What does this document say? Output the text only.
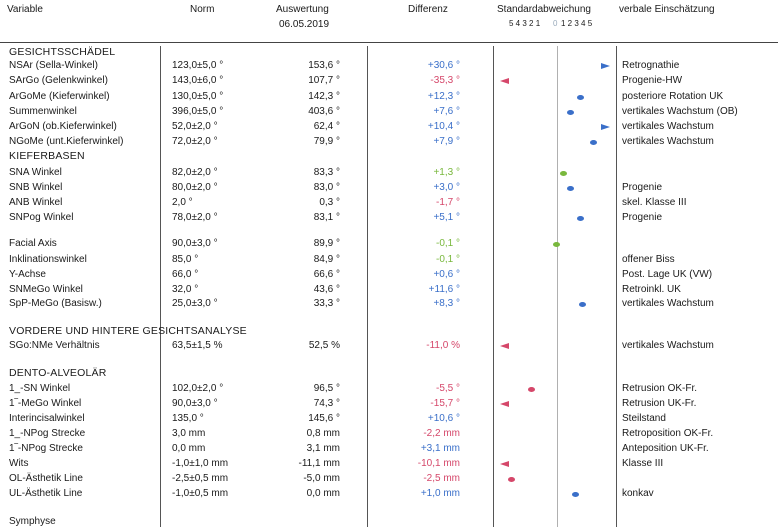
Variable	Norm	Auswertung
06.05.2019
Differenz	Standardabweichung
5 4 3 2 1 0 1 2 3 4 5
verbale Einschätzung
GESICHTSSCHÄDEL
NSAr (Sella-Winkel)	123,0±5,0 °	153,6 °	+30,6 °	Retrognathie
SArGo (Gelenkwinkel)	143,0±6,0 °	107,7 °	-35,3 °	Progenie-HW
ArGoMe (Kieferwinkel)	130,0±5,0 °	142,3 °	+12,3 °	posteriore Rotation UK
Summenwinkel	396,0±5,0 °	403,6 °	+7,6 °	vertikales Wachstum (OB)
ArGoN (ob.Kieferwinkel)	52,0±2,0 °	62,4 °	+10,4 °	vertikales Wachstum
NGoMe (unt.Kieferwinkel)	72,0±2,0 °	79,9 °	+7,9 °	vertikales Wachstum
KIEFERBASEN
SNA Winkel	82,0±2,0 °	83,3 °	+1,3 °
SNB Winkel	80,0±2,0 °	83,0 °	+3,0 °	Progenie
ANB Winkel	2,0 °	0,3 °	-1,7 °	skel. Klasse III
SNPog Winkel	78,0±2,0 °	83,1 °	+5,1 °	Progenie
Facial Axis	90,0±3,0 °	89,9 °	-0,1 °
Inklinationswinkel	85,0 °	84,9 °	-0,1 °	offener Biss
Y-Achse	66,0 °	66,6 °	+0,6 °	Post. Lage UK (VW)
SNMeGo Winkel	32,0 °	43,6 °	+11,6 °	Retroinkl. UK
SpP-MeGo (Basisw.)	25,0±3,0 °	33,3 °	+8,3 °	vertikales Wachstum
VORDERE UND HINTERE GESICHTSANALYSE
SGo:NMe Verhältnis	63,5±1,5 %	52,5 %	-11,0 %	vertikales Wachstum
DENTO-ALVEOLÄR
1_-SN Winkel	102,0±2,0 °	96,5 °	-5,5 °	Retrusion OK-Fr.
1‾-MeGo Winkel	90,0±3,0 °	74,3 °	-15,7 °	Retrusion UK-Fr.
Interincisalwinkel	135,0 °	145,6 °	+10,6 °	Steilstand
1_-NPog Strecke	3,0 mm	0,8 mm	-2,2 mm	Retroposition OK-Fr.
1‾-NPog Strecke	0,0 mm	3,1 mm	+3,1 mm	Anteposition UK-Fr.
Wits	-1,0±1,0 mm	-11,1 mm	-10,1 mm	Klasse III
OL-Ästhetik Line	-2,5±0,5 mm	-5,0 mm	-2,5 mm
UL-Ästhetik Line	-1,0±0,5 mm	0,0 mm	+1,0 mm	konkav
Symphyse
